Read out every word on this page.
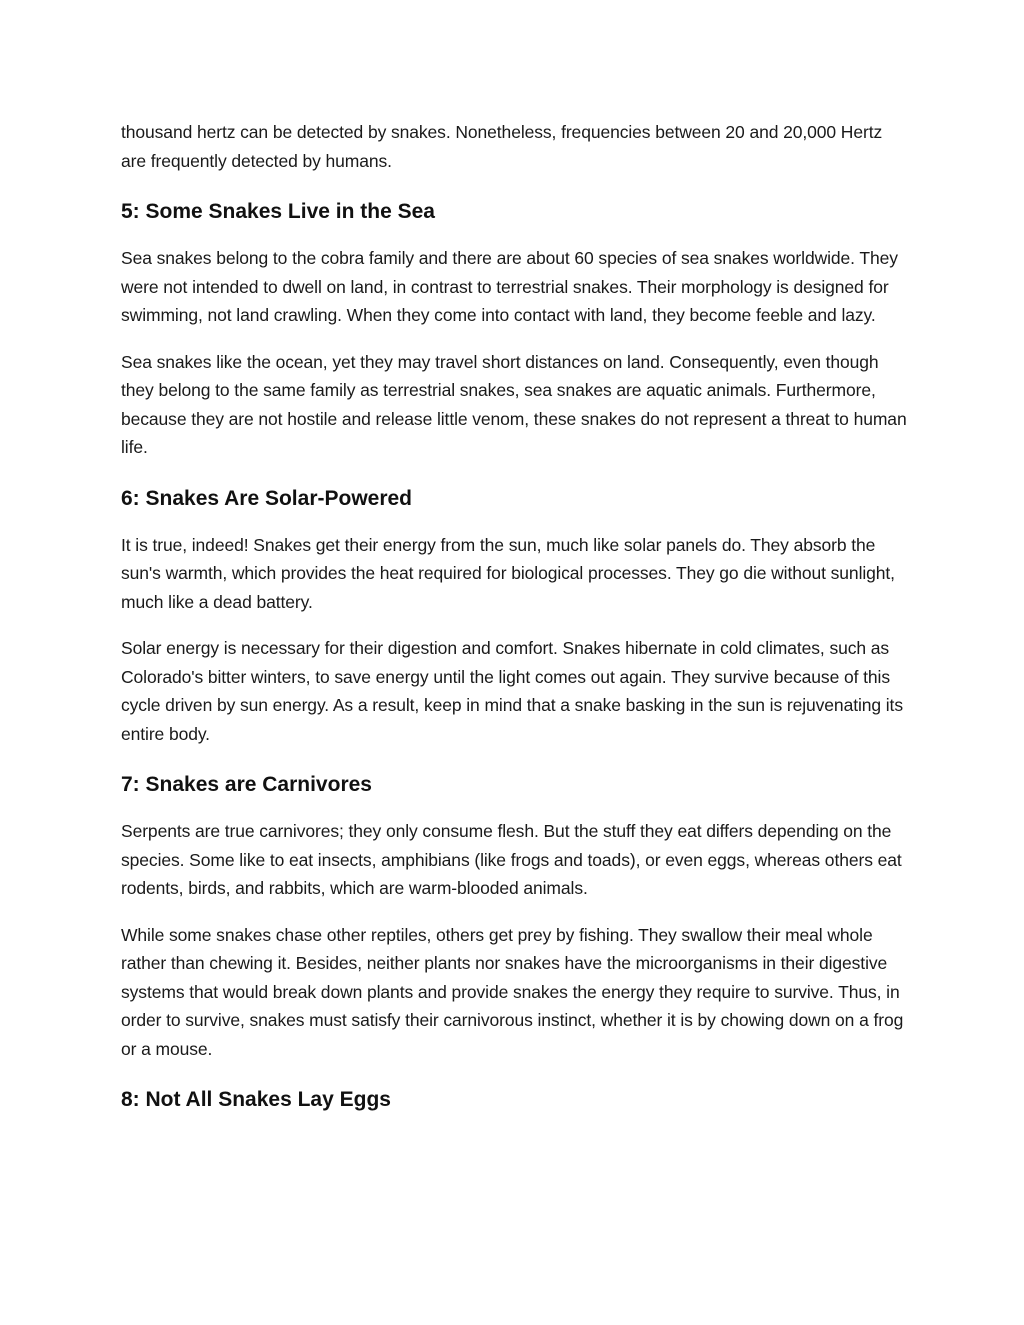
thousand hertz can be detected by snakes. Nonetheless, frequencies between 20 and 20,000 Hertz are frequently detected by humans.

5: Some Snakes Live in the Sea

Sea snakes belong to the cobra family and there are about 60 species of sea snakes worldwide. They were not intended to dwell on land, in contrast to terrestrial snakes. Their morphology is designed for swimming, not land crawling. When they come into contact with land, they become feeble and lazy.

Sea snakes like the ocean, yet they may travel short distances on land. Consequently, even though they belong to the same family as terrestrial snakes, sea snakes are aquatic animals. Furthermore, because they are not hostile and release little venom, these snakes do not represent a threat to human life.

6: Snakes Are Solar-Powered

It is true, indeed! Snakes get their energy from the sun, much like solar panels do. They absorb the sun's warmth, which provides the heat required for biological processes. They go die without sunlight, much like a dead battery.

Solar energy is necessary for their digestion and comfort. Snakes hibernate in cold climates, such as Colorado's bitter winters, to save energy until the light comes out again. They survive because of this cycle driven by sun energy. As a result, keep in mind that a snake basking in the sun is rejuvenating its entire body.

7: Snakes are Carnivores

Serpents are true carnivores; they only consume flesh. But the stuff they eat differs depending on the species. Some like to eat insects, amphibians (like frogs and toads), or even eggs, whereas others eat rodents, birds, and rabbits, which are warm-blooded animals.

While some snakes chase other reptiles, others get prey by fishing. They swallow their meal whole rather than chewing it. Besides, neither plants nor snakes have the microorganisms in their digestive systems that would break down plants and provide snakes the energy they require to survive. Thus, in order to survive, snakes must satisfy their carnivorous instinct, whether it is by chowing down on a frog or a mouse.

8: Not All Snakes Lay Eggs
